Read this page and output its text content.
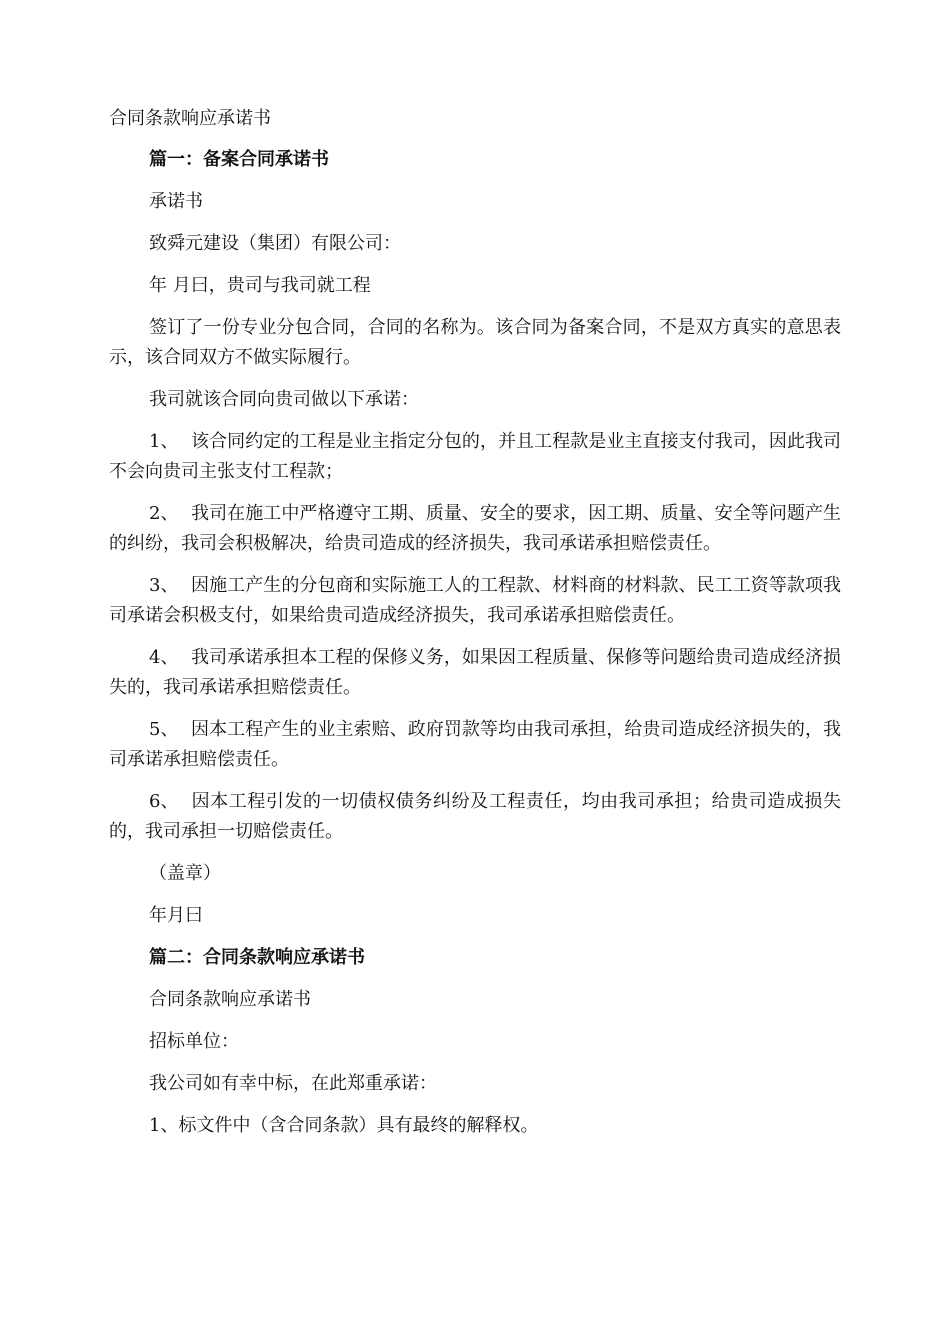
合同条款响应承诺书
篇一：备案合同承诺书

承诺书

致舜元建设（集团）有限公司：

年 月曰，贵司与我司就工程

签订了一份专业分包合同，合同的名称为。该合同为备案合同，不是双方真实的意思表示，该合同双方不做实际履行。

我司就该合同向贵司做以下承诺：

1、 该合同约定的工程是业主指定分包的，并且工程款是业主直接支付我司，因此我司不会向贵司主张支付工程款；

2、 我司在施工中严格遵守工期、质量、安全的要求，因工期、质量、安全等问题产生的纠纷，我司会积极解决，给贵司造成的经济损失，我司承诺承担赔偿责任。

3、 因施工产生的分包商和实际施工人的工程款、材料商的材料款、民工工资等款项我司承诺会积极支付，如果给贵司造成经济损失，我司承诺承担赔偿责任。

4、 我司承诺承担本工程的保修义务，如果因工程质量、保修等问题给贵司造成经济损失的，我司承诺承担赔偿责任。

5、 因本工程产生的业主索赔、政府罚款等均由我司承担，给贵司造成经济损失的，我司承诺承担赔偿责任。

6、 因本工程引发的一切债权债务纠纷及工程责任，均由我司承担；给贵司造成损失的，我司承担一切赔偿责任。

（盖章）

年月曰

篇二：合同条款响应承诺书

合同条款响应承诺书

招标单位：

我公司如有幸中标，在此郑重承诺：

1、标文件中（含合同条款）具有最终的解释权。
